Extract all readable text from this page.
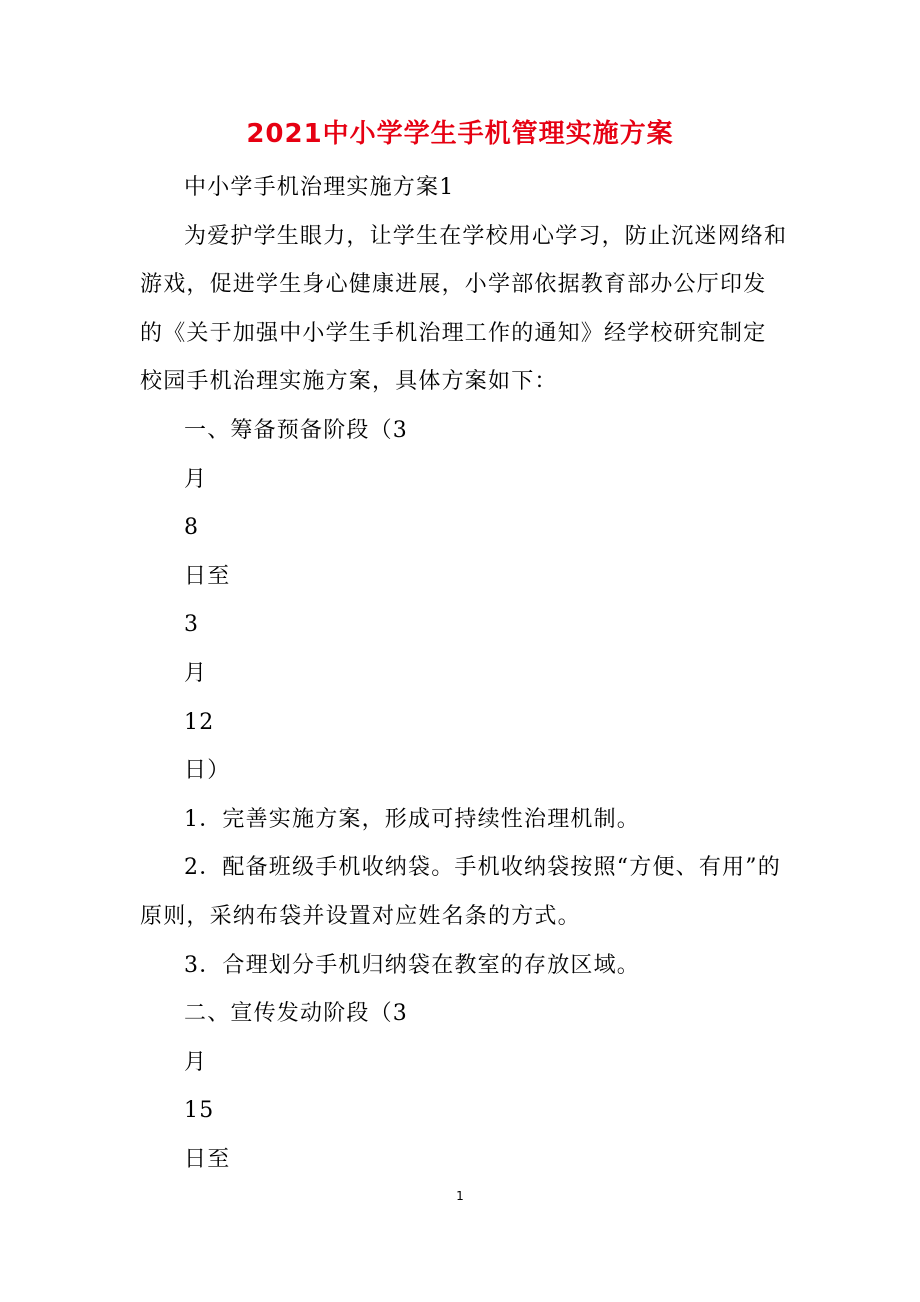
2021中小学学生手机管理实施方案

中小学手机治理实施方案1

为爱护学生眼力，让学生在学校用心学习，防止沉迷网络和游戏，促进学生身心健康进展，小学部依据教育部办公厅印发的《关于加强中小学生手机治理工作的通知》经学校研究制定校园手机治理实施方案，具体方案如下：

一、筹备预备阶段（3

月

8

日至

3

月

12

日）

1．完善实施方案，形成可持续性治理机制。

2．配备班级手机收纳袋。手机收纳袋按照“方便、有用”的原则，采纳布袋并设置对应姓名条的方式。

3．合理划分手机归纳袋在教室的存放区域。

二、宣传发动阶段（3

月

15

日至

1
